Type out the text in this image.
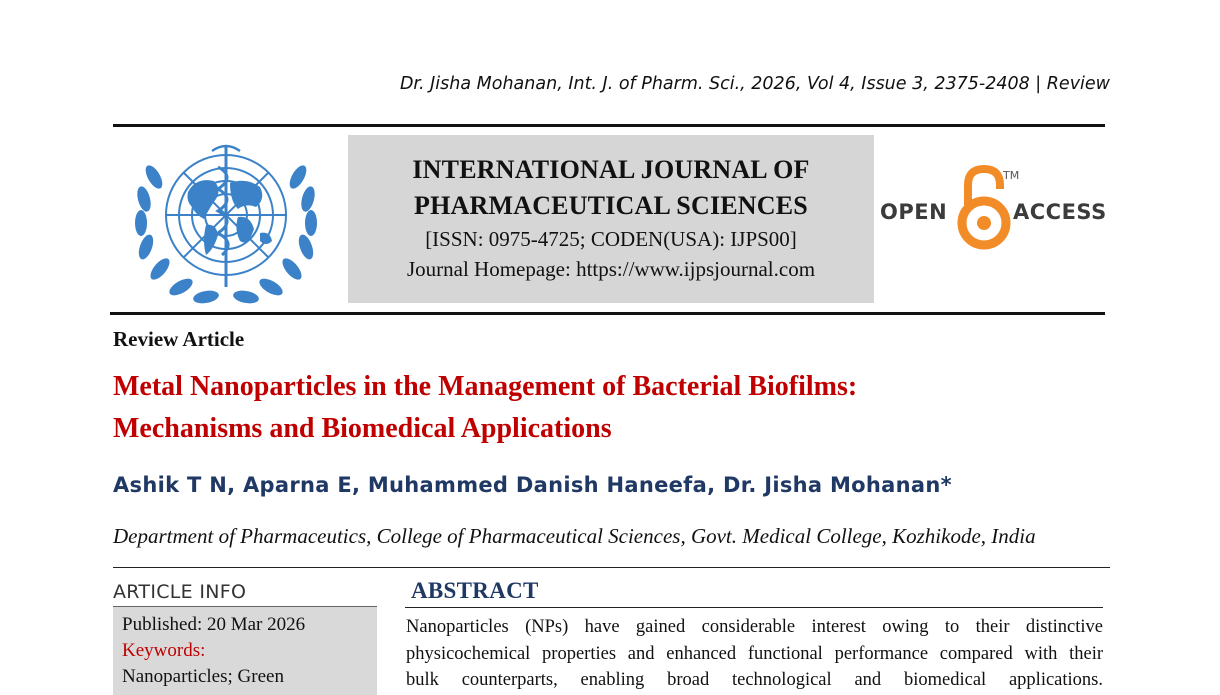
Dr. Jisha Mohanan, Int. J. of Pharm. Sci., 2026, Vol 4, Issue 3, 2375-2408 | Review
INTERNATIONAL JOURNAL OF
PHARMACEUTICAL SCIENCES
[ISSN: 0975-4725; CODEN(USA): IJPS00]
Journal Homepage: https://www.ijpsjournal.com
OPEN
TM
ACCESS
Review Article
Metal Nanoparticles in the Management of Bacterial Biofilms:
Mechanisms and Biomedical Applications
Ashik T N, Aparna E, Muhammed Danish Haneefa, Dr. Jisha Mohanan*
Department of Pharmaceutics, College of Pharmaceutical Sciences, Govt. Medical College, Kozhikode, India
ARTICLE INFO
Published: 20 Mar 2026
Keywords:
Nanoparticles; Green
ABSTRACT
Nanoparticles (NPs) have gained considerable interest owing to their distinctive
physicochemical properties and enhanced functional performance compared with their
bulk counterparts, enabling broad technological and biomedical applications.
